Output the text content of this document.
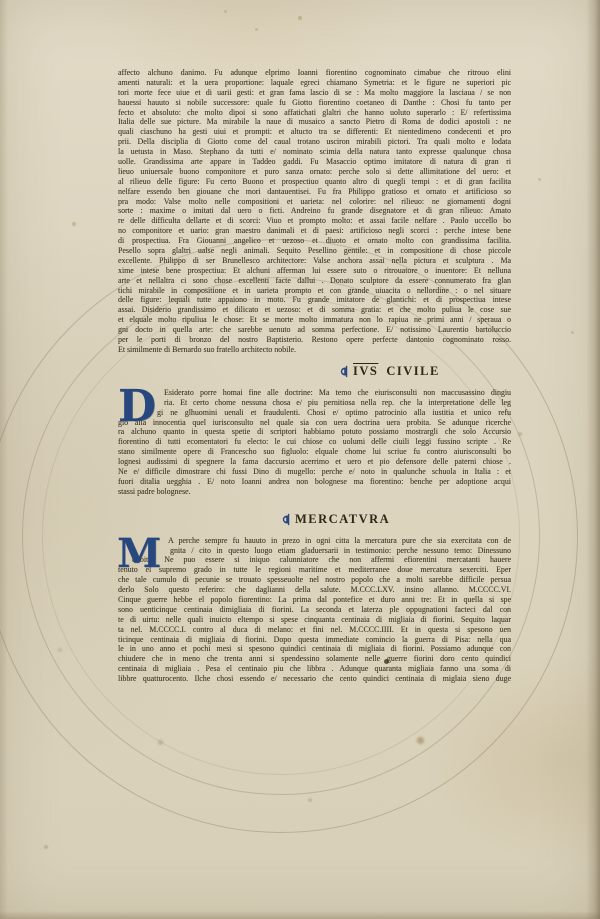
affecto alchuno danimo. Fu adunque elprimo Ioanni fiorentino cognominato cimabue che ritrouo elini
amenti naturali: et la uera proportione: laquale egreci chiamano Symetria: et le figure ne superiori pic
tori morte fece uiue et di uarii gesti: et gran fama lascio di se : Ma molto maggiore la lasciaua / se non
hauessi hauuto si nobile successore: quale fu Giotto fiorentino coetaneo di Danthe : Chosi fu tanto per
fecto et absoluto: che molto dipoi si sono affatichati glaltri che hanno uoluto superarlo : E/ refertissima
Italia delle sue picture. Ma mirabile la naue di musaico a sancto Pietro di Roma de dodici apostoli : ne
quali ciaschuno ha gesti uiui et prompti: et altucto tra se differenti: Et nientedimeno condecenti et pro
prii. Della disciplia di Giotto come del caual trotano usciron mirabili pictori. Tra quali molto e lodata
la uetusta in Maso. Stephano da tutti e/ nominato scimia della natura tanto expresse qualunque chosa
uolle. Grandissima arte appare in Taddeo gaddi. Fu Masaccio optimo imitatore di natura di gran ri
lieuo uniuersale buono componitore et puro sanza ornato: perche solo si dette allimitatione del uero: et
al rilieuo delle figure: Fu certo Buono et prospectiuo quanto altro di quegli tempi : et di gran facilita
nelfare essendo ben giouane che mori dantauentisei. Fu fra Philippo gratioso et ornato et artificioso so
pra modo: Valse molto nelle compositioni et uarieta: nel colorire: nel rilieuo: ne giornamenti dogni
sorte : maxime o imitati dal uero o ficti. Andreino fu grande disegnatore et di gran rilieuo: Amato
re delle difficulta dellarte et di scorci: Viuo et prompto molto: et assai facile nelfare . Paolo uccello bo
no componitore et uario: gran maestro danimali et di paesi: artificioso negli scorci : perche intese bene
di prospectiua. Fra Giouanni angelico et uezoso et diuoto et ornato molto con grandissima facilita.
Pesello sopra glaltri ualse negli animali. Sequito Pesellino gentile: et in compositione di chose piccole
excellente. Philippo di ser Brunellesco architectore: Valse anchora assai nella pictura et sculptura . Ma
xime intese bene prospectiua: Et alchuni afferman lui essere suto o ritrouatore o inuentore: Et nelluna
arte et nellaltra ci sono chose excellenti facte dallui . Donato sculptore da essere connumerato fra glan
tichi mirabile in compositione et in uarieta prompto et con grande uiuacita o nellordine : o nel situare
delle figure: lequali tutte appaiono in moto. Fu grande imitatore de glantichi: et di prospectiua intese
assai. Disiderio grandissimo et dilicato et uezoso: et di somma gratia: et che molto puliua le cose sue
et elquale molto ripuliua le chose: Et se morte molto immatura non lo rapiua ne primi anni / speraua o
gni docto in quella arte: che sarebbe uenuto ad somma perfectione. E/ notissimo Laurentio bartoluccio
per le porti di bronzo del nostro Baptisterio. Restono opere perfecte dantonio cognominato rosso.
Et similmente di Bernardo suo fratello architecto nobile.
$\overline{IVS}$ CIVILE
D Esiderato porre homai fine alle doctrine: Ma temo che eiurisconsulti non maccusassino dingiu
ria. Et certo chome nessuna chosa e/ piu pernitiosa nella rep. che la interpretatione delle leg
gi ne glhuomini uenali et fraudulenti. Chosi e/ optimo patrocinio alla iustitia et unico refu
gio alla innocentia quel iurisconsulto nel quale sia con uera doctrina uera probita. Se adunque ricerche
ra alchuno quanto in questa spetie di scriptori habbiamo potuto possiamo mostrargli che solo Accursio
fiorentino di tutti ecomentatori fu electo: le cui chiose co uolumi delle ciuili leggi fussino scripte . Re
stano similmente opere di Francescho suo figluolo: elquale chome lui scriue fu contro aiurisconsulti bo
lognesi audissimi di spegnere la fama daccursio acerrimo et uero et pio defensore delle paterni chiose .
Ne e/ difficile dimostrare chi fussi Dino di mugello: perche e/ noto in qualunche schuola in Italia : et
fuori ditalia uegghia . E/ noto Ioanni andrea non bolognese ma fiorentino: benche per adoptione acqui
stassi padre bolognese.
MERCATVRA
M A perche sempre fu hauuto in prezo in ogni citta la mercatura pure che sia exercitata con de
gnita / cito in questo luogo etiam gladuersarii in testimonio: perche nessuno temo: Dinessuno
dubito: Ne puo essere si iniquo calunniatore che non affermi efiorentini mercatanti hauere
tenuto el supremo grado in tutte le regioni maritime et mediterranee doue mercatura sexerciti. Eper
che tale cumulo di pecunie se trouato spesseuolte nel nostro popolo che a molti sarebbe difficile persua
derlo Solo questo referiro: che daglianni della salute. M.CCC.LXV. insino allanno. M.CCCC.VI.
Cinque guerre hebbe el popolo fiorentino: La prima dal pontefice et duro anni tre: Et in quella si spe
sono uenticinque centinaia dimigliaia di fiorini. La seconda et laterza ple oppugnationi facteci dal con
te di uirtu: nelle quali inuicto eltempo si spese cinquanta centinaia di migliaia di fiorini. Sequito laquar
ta nel. M.CCCC.I. contro al duca di melano: et fini nel. M.CCCC.IIII. Et in questa si spesono uen
ticinque centinaia di migliaia di fiorini. Dopo questa immediate comincio la guerra di Pisa: nella qua
le in uno anno et pochi mesi si spesono quindici centinaia di migliaia di fiorini. Possiamo adunque con
chiudere che in meno che trenta anni si spendessino solamente nelle guerre fiorini doro cento quindici
centinaia di migliaia . Pesa el centinaio piu che libbra . Adunque quaranta migliaia fanno una soma di
libbre quatturocento. Ilche chosi essendo e/ necessario che cento quindici centinaia di miglaia sieno duge
